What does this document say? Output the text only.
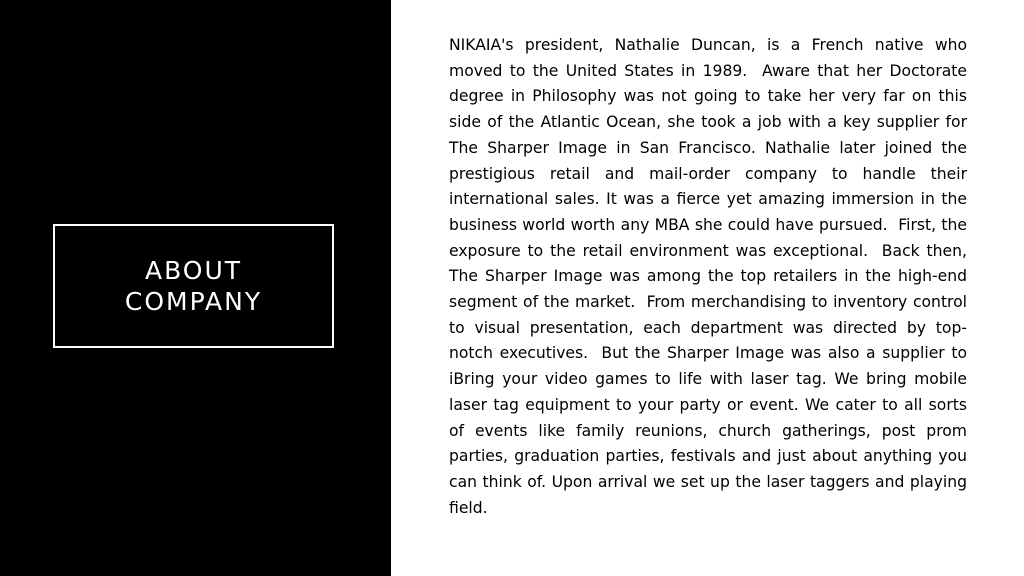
ABOUT COMPANY

NIKAIA's president, Nathalie Duncan, is a French native who moved to the United States in 1989.  Aware that her Doctorate degree in Philosophy was not going to take her very far on this side of the Atlantic Ocean, she took a job with a key supplier for The Sharper Image in San Francisco. Nathalie later joined the prestigious retail and mail-order company to handle their international sales. It was a fierce yet amazing immersion in the business world worth any MBA she could have pursued.  First, the exposure to the retail environment was exceptional.  Back then, The Sharper Image was among the top retailers in the high-end segment of the market.  From merchandising to inventory control to visual presentation, each department was directed by top-notch executives.  But the Sharper Image was also a supplier to iBring your video games to life with laser tag. We bring mobile laser tag equipment to your party or event. We cater to all sorts of events like family reunions, church gatherings, post prom parties, graduation parties, festivals and just about anything you can think of. Upon arrival we set up the laser taggers and playing field.
